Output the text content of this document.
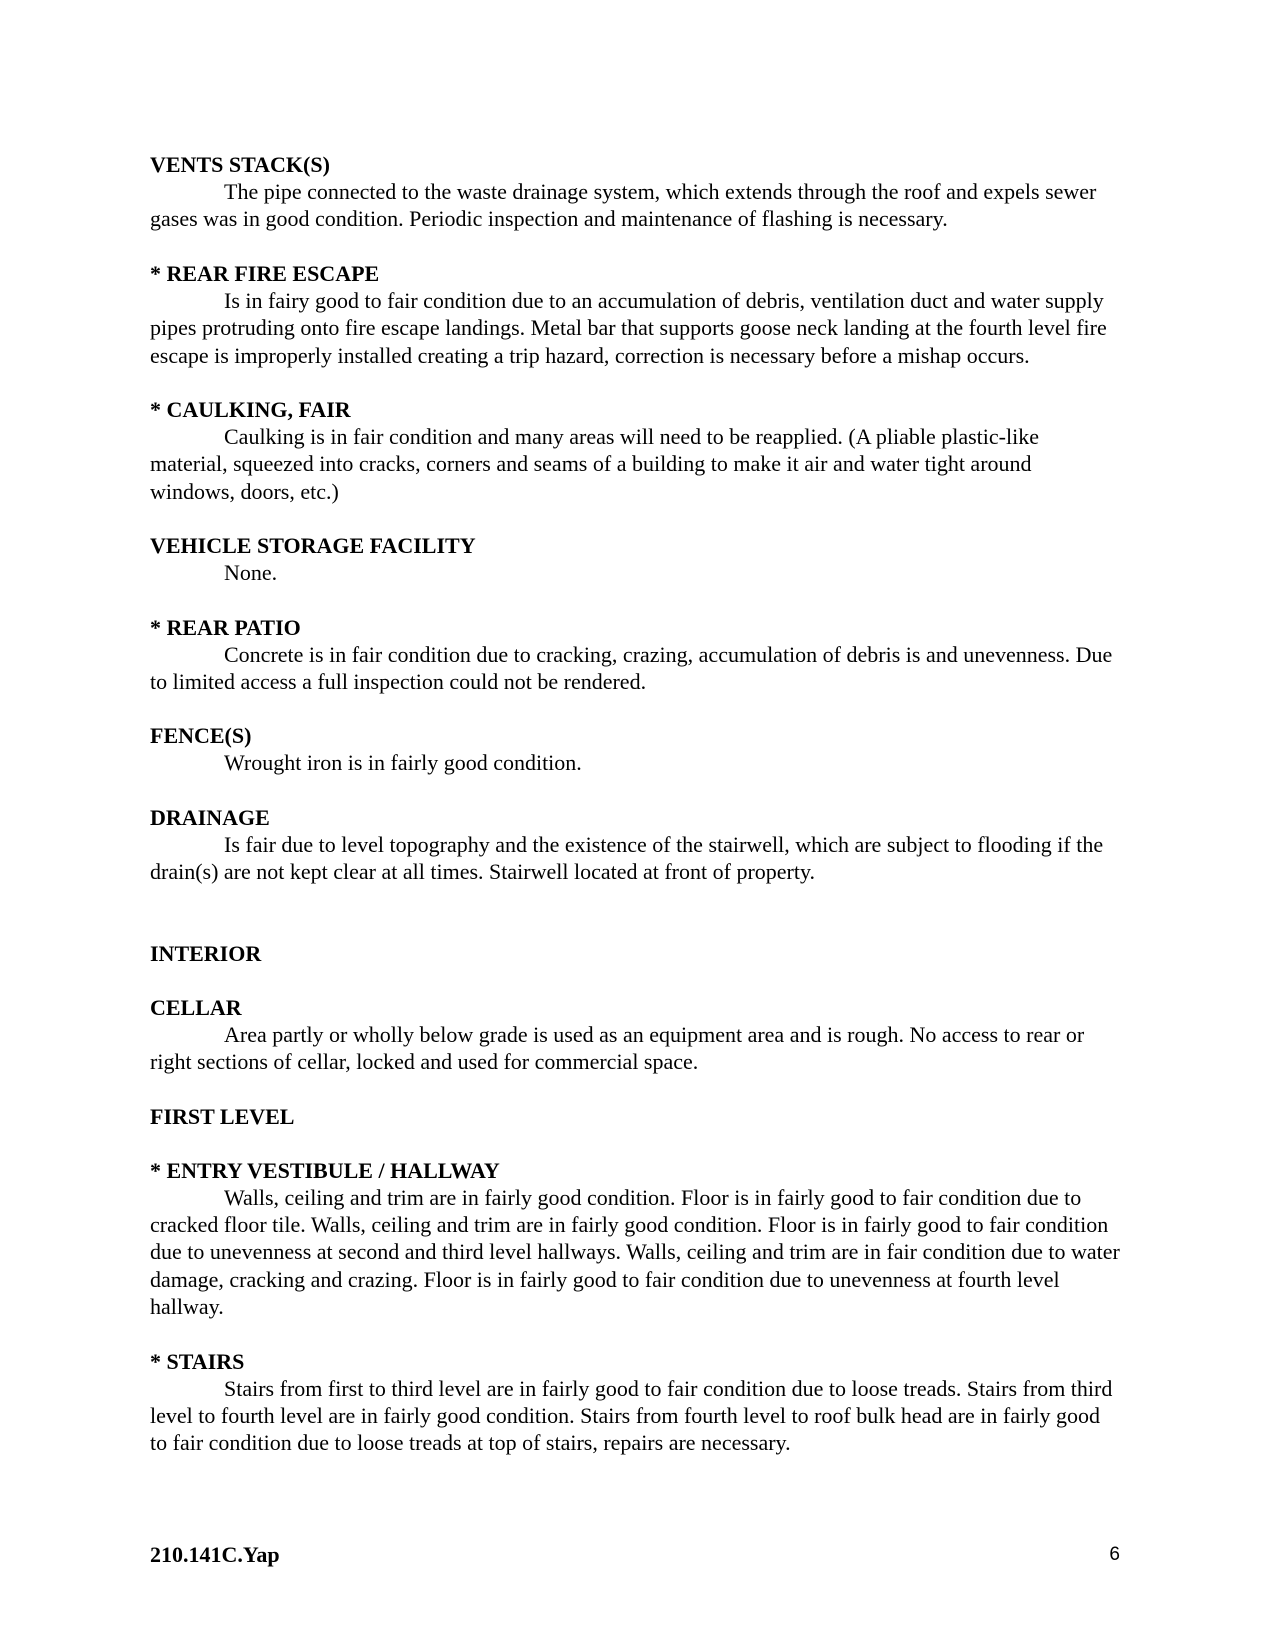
VENTS STACK(S)

The pipe connected to the waste drainage system, which extends through the roof and expels sewer gases was in good condition. Periodic inspection and maintenance of flashing is necessary.

* REAR FIRE ESCAPE

Is in fairy good to fair condition due to an accumulation of debris, ventilation duct and water supply pipes protruding onto fire escape landings. Metal bar that supports goose neck landing at the fourth level fire escape is improperly installed creating a trip hazard, correction is necessary before a mishap occurs.

* CAULKING, FAIR

Caulking is in fair condition and many areas will need to be reapplied. (A pliable plastic-like material, squeezed into cracks, corners and seams of a building to make it air and water tight around windows, doors, etc.)

VEHICLE STORAGE FACILITY

None.

* REAR PATIO

Concrete is in fair condition due to cracking, crazing, accumulation of debris is and unevenness. Due to limited access a full inspection could not be rendered.

FENCE(S)

Wrought iron is in fairly good condition.

DRAINAGE

Is fair due to level topography and the existence of the stairwell, which are subject to flooding if the drain(s) are not kept clear at all times. Stairwell located at front of property.

INTERIOR

CELLAR

Area partly or wholly below grade is used as an equipment area and is rough. No access to rear or right sections of cellar, locked and used for commercial space.

FIRST LEVEL

* ENTRY VESTIBULE / HALLWAY

Walls, ceiling and trim are in fairly good condition. Floor is in fairly good to fair condition due to cracked floor tile. Walls, ceiling and trim are in fairly good condition. Floor is in fairly good to fair condition due to unevenness at second and third level hallways. Walls, ceiling and trim are in fair condition due to water damage, cracking and crazing. Floor is in fairly good to fair condition due to unevenness at fourth level hallway.

* STAIRS

Stairs from first to third level are in fairly good to fair condition due to loose treads. Stairs from third level to fourth level are in fairly good condition. Stairs from fourth level to roof bulk head are in fairly good to fair condition due to loose treads at top of stairs, repairs are necessary.

210.141C.Yap	6
